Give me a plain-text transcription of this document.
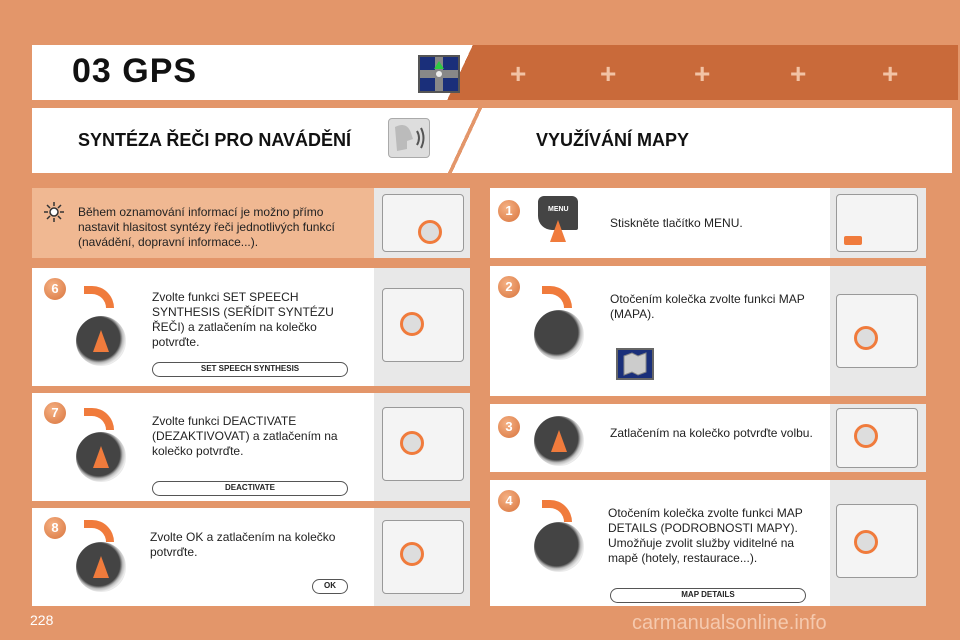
03 GPS	+	+	+	+	+
SYNTÉZA ŘEČI PRO NAVÁDĚNÍ	VYUŽÍVÁNÍ MAPY
Během oznamování informací je možno přímo nastavit hlasitost syntézy řeči jednotlivých funkcí (navádění, dopravní informace...).
6
Zvolte funkci SET SPEECH SYNTHESIS (SEŘÍDIT SYNTÉZU ŘEČI) a zatlačením na kolečko potvrďte.
SET SPEECH SYNTHESIS
7
Zvolte funkci DEACTIVATE (DEZAKTIVOVAT) a zatlačením na kolečko potvrďte.
DEACTIVATE
8
Zvolte OK a zatlačením na kolečko potvrďte.
OK
1	MENU
Stiskněte tlačítko MENU.
2
Otočením kolečka zvolte funkci MAP (MAPA).
3	Zatlačením na kolečko potvrďte volbu.
4
Otočením kolečka zvolte funkci MAP DETAILS (PODROBNOSTI MAPY). Umožňuje zvolit služby viditelné na mapě (hotely, restaurace...).
MAP DETAILS
228	carmanualsonline.info
